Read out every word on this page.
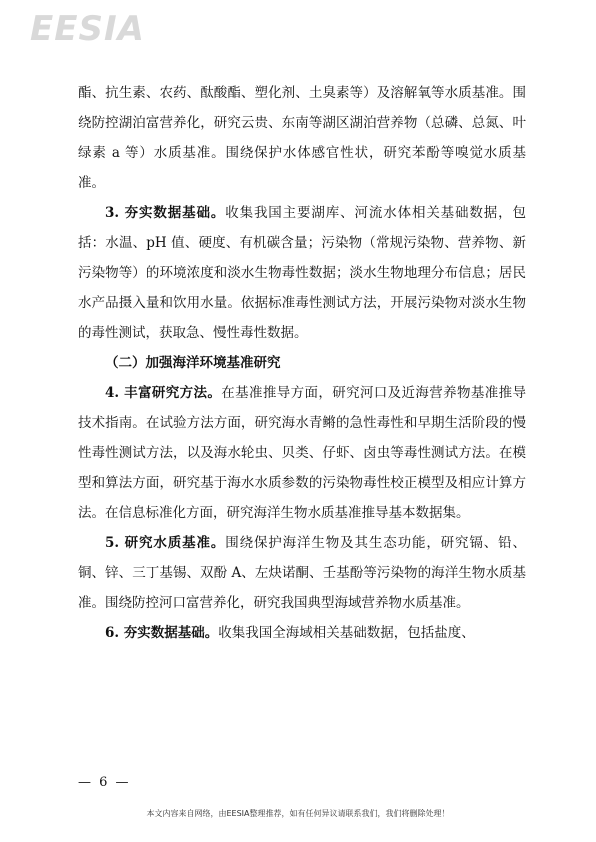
EESIA

酯、抗生素、农药、酞酸酯、塑化剂、土臭素等）及溶解氧等水质基准。围绕防控湖泊富营养化，研究云贵、东南等湖区湖泊营养物（总磷、总氮、叶绿素 a 等）水质基准。围绕保护水体感官性状，研究苯酚等嗅觉水质基准。

3. 夯实数据基础。收集我国主要湖库、河流水体相关基础数据，包括：水温、pH 值、硬度、有机碳含量；污染物（常规污染物、营养物、新污染物等）的环境浓度和淡水生物毒性数据；淡水生物地理分布信息；居民水产品摄入量和饮用水量。依据标准毒性测试方法，开展污染物对淡水生物的毒性测试，获取急、慢性毒性数据。

（二）加强海洋环境基准研究

4. 丰富研究方法。在基准推导方面，研究河口及近海营养物基准推导技术指南。在试验方法方面，研究海水青鳉的急性毒性和早期生活阶段的慢性毒性测试方法，以及海水轮虫、贝类、仔虾、卤虫等毒性测试方法。在模型和算法方面，研究基于海水水质参数的污染物毒性校正模型及相应计算方法。在信息标准化方面，研究海洋生物水质基准推导基本数据集。

5. 研究水质基准。围绕保护海洋生物及其生态功能，研究镉、铅、铜、锌、三丁基锡、双酚 A、左炔诺酮、壬基酚等污染物的海洋生物水质基准。围绕防控河口富营养化，研究我国典型海域营养物水质基准。

6. 夯实数据基础。收集我国全海域相关基础数据，包括盐度、

— 6 —
本文内容来自网络，由EESIA整理推荐，如有任何异议请联系我们，我们将删除处理！
